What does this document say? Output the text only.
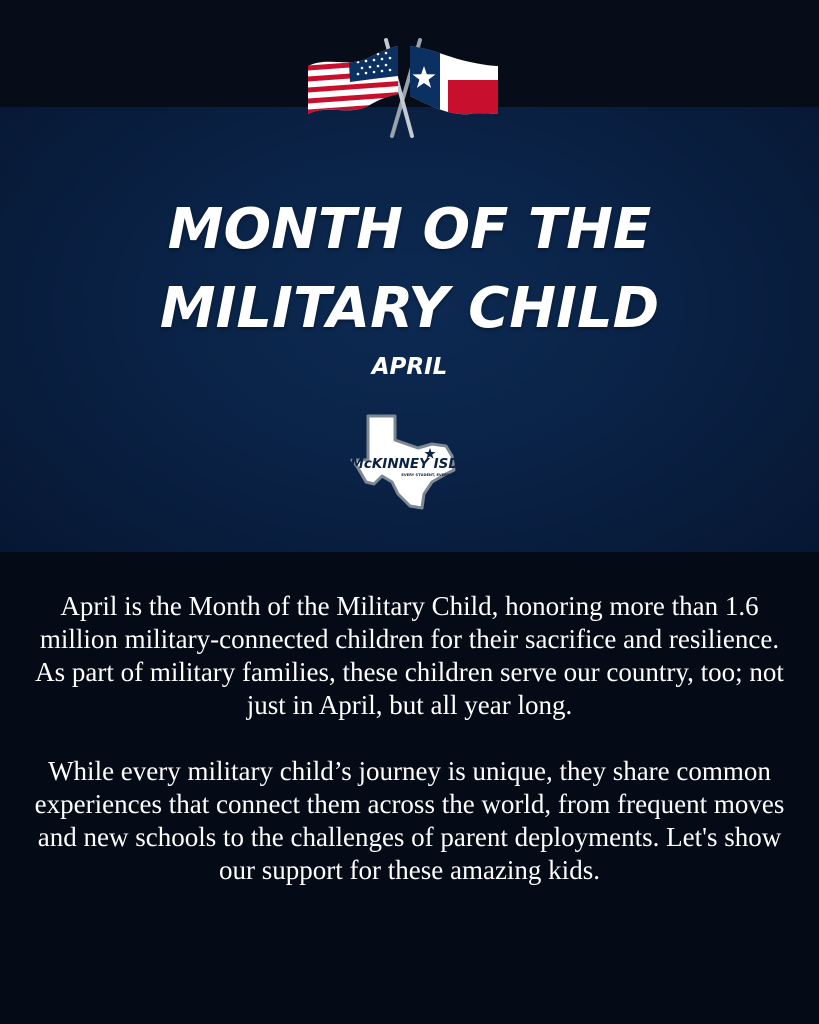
MONTH OF THE
MILITARY CHILD
APRIL
McKINNEY ISD
EVERY STUDENT, EVERY DAY

April is the Month of the Military Child, honoring more than 1.6 million military-connected children for their sacrifice and resilience. As part of military families, these children serve our country, too; not just in April, but all year long.

While every military child’s journey is unique, they share common experiences that connect them across the world, from frequent moves and new schools to the challenges of parent deployments. Let's show our support for these amazing kids.
